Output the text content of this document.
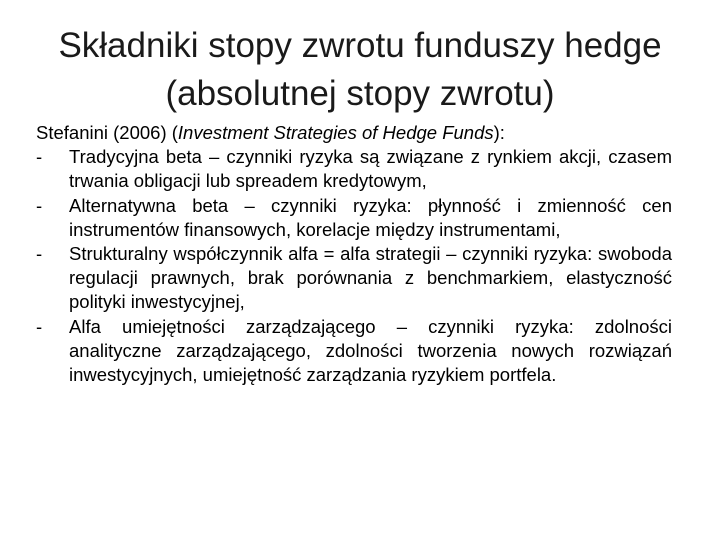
Składniki stopy zwrotu funduszy hedge
(absolutnej stopy zwrotu)

Stefanini (2006) (Investment Strategies of Hedge Funds):

- Tradycyjna beta – czynniki ryzyka są związane z rynkiem akcji, czasem trwania obligacji lub spreadem kredytowym,
- Alternatywna beta – czynniki ryzyka: płynność i zmienność cen instrumentów finansowych, korelacje między instrumentami,
- Strukturalny współczynnik alfa = alfa strategii – czynniki ryzyka: swoboda regulacji prawnych, brak porównania z benchmarkiem, elastyczność polityki inwestycyjnej,
- Alfa umiejętności zarządzającego – czynniki ryzyka: zdolności analityczne zarządzającego, zdolności tworzenia nowych rozwiązań inwestycyjnych, umiejętność zarządzania ryzykiem portfela.
